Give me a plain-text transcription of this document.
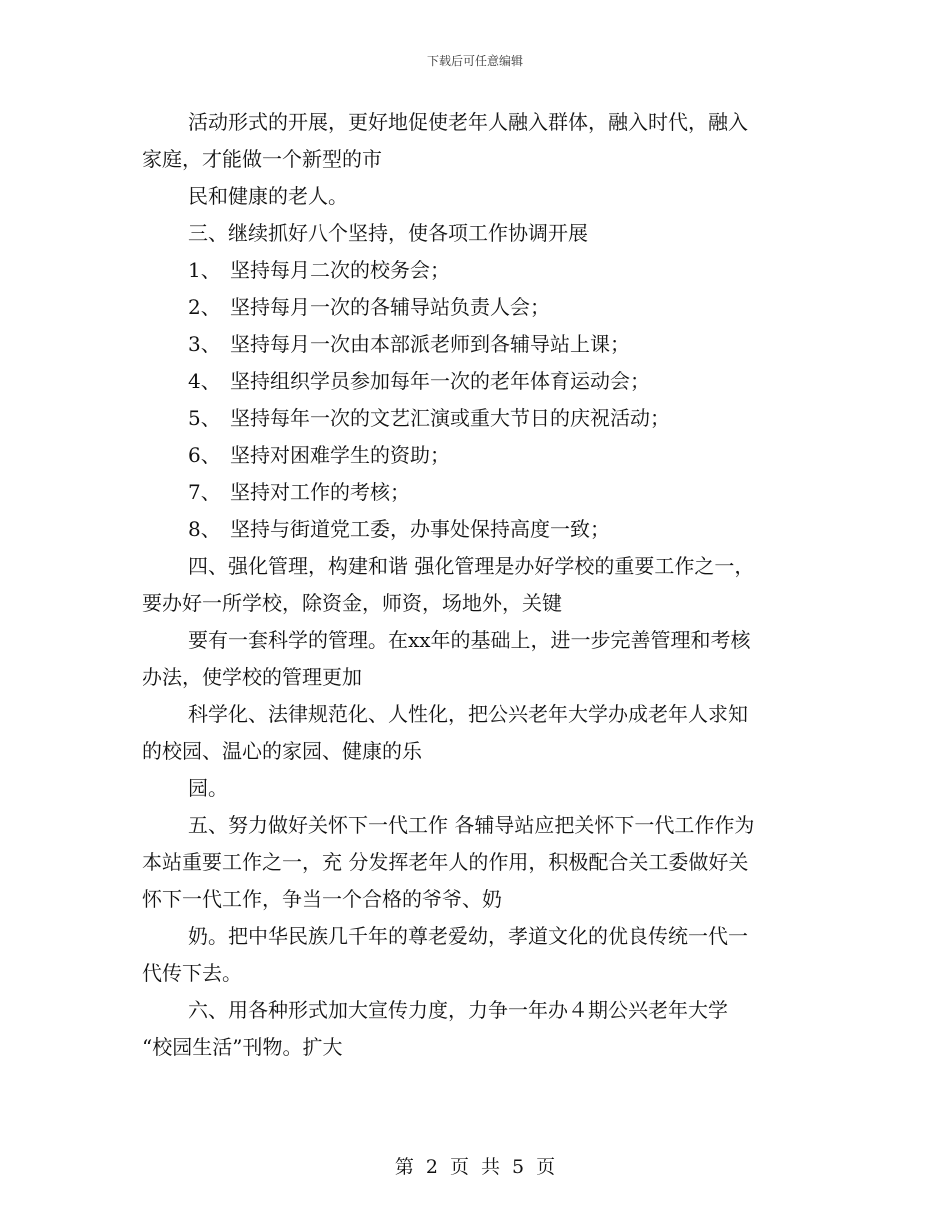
下载后可任意编辑

活动形式的开展，更好地促使老年人融入群体，融入时代，融入

家庭，才能做一个新型的市

民和健康的老人。

三、继续抓好八个坚持，使各项工作协调开展

1、 坚持每月二次的校务会；

2、 坚持每月一次的各辅导站负责人会；

3、 坚持每月一次由本部派老师到各辅导站上课；

4、 坚持组织学员参加每年一次的老年体育运动会；

5、 坚持每年一次的文艺汇演或重大节日的庆祝活动；

6、 坚持对困难学生的资助；

7、 坚持对工作的考核；

8、 坚持与街道党工委，办事处保持高度一致；

四、强化管理，构建和谐 强化管理是办好学校的重要工作之一，

要办好一所学校，除资金，师资，场地外，关键

要有一套科学的管理。在xx年的基础上，进一步完善管理和考核

办法，使学校的管理更加

科学化、法律规范化、人性化，把公兴老年大学办成老年人求知

的校园、温心的家园、健康的乐

园。

五、努力做好关怀下一代工作 各辅导站应把关怀下一代工作作为

本站重要工作之一，充 分发挥老年人的作用，积极配合关工委做好关

怀下一代工作，争当一个合格的爷爷、奶

奶。把中华民族几千年的尊老爱幼，孝道文化的优良传统一代一

代传下去。

六、用各种形式加大宣传力度，力争一年办４期公兴老年大学

“校园生活”刊物。扩大

第 2 页 共 5 页
